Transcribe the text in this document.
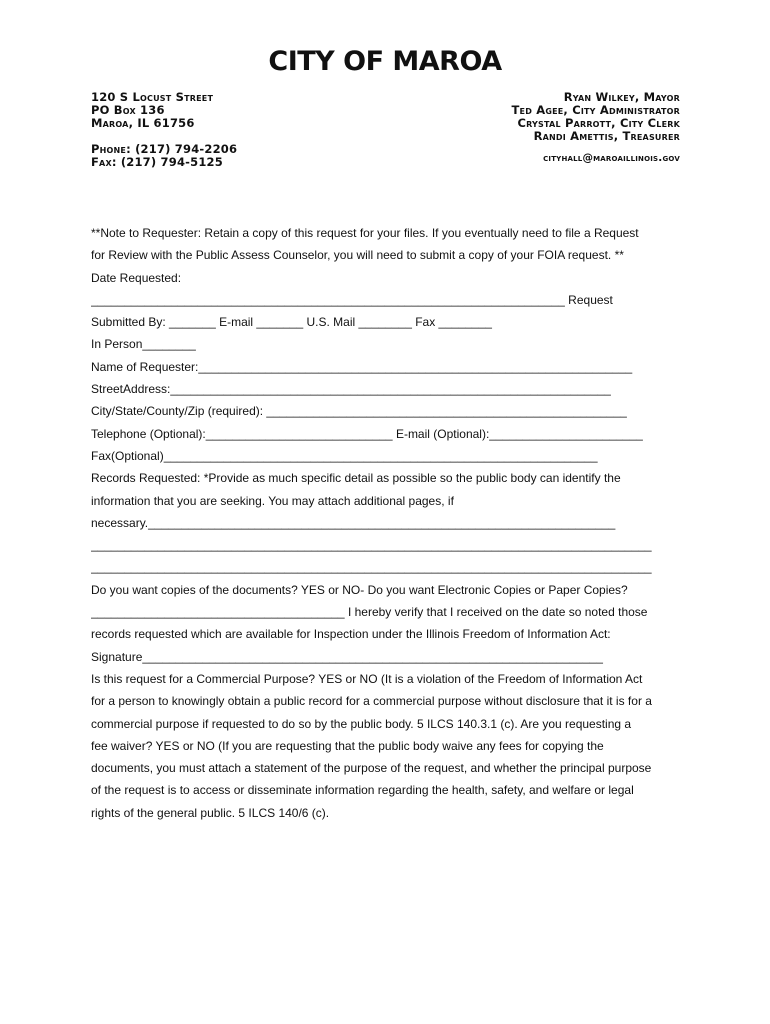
CITY OF MAROA
120 S Locust Street
PO Box 136
Maroa, IL 61756
Phone: (217) 794-2206
Fax: (217) 794-5125
Ryan Wilkey, Mayor
Ted Agee, City Administrator
Crystal Parrott, City Clerk
Randi Amettis, Treasurer
cityhall@maroaillinois.gov
**Note to Requester: Retain a copy of this request for your files. If you eventually need to file a Request
for Review with the Public Assess Counselor, you will need to submit a copy of your FOIA request. **
Date Requested:
_______________________________________________________________________ Request
Submitted By: _______ E-mail _______ U.S. Mail ________ Fax ________
In Person________
Name of Requester:_________________________________________________________________
StreetAddress:__________________________________________________________________
City/State/County/Zip (required): ______________________________________________________
Telephone (Optional):____________________________ E-mail (Optional):_______________________
Fax(Optional)_________________________________________________________________
Records Requested: *Provide as much specific detail as possible so the public body can identify the
information that you are seeking. You may attach additional pages, if
necessary.______________________________________________________________________
____________________________________________________________________________________
____________________________________________________________________________________
Do you want copies of the documents? YES or NO- Do you want Electronic Copies or Paper Copies?
______________________________________ I hereby verify that I received on the date so noted those
records requested which are available for Inspection under the Illinois Freedom of Information Act:
Signature_____________________________________________________________________
Is this request for a Commercial Purpose? YES or NO (It is a violation of the Freedom of Information Act
for a person to knowingly obtain a public record for a commercial purpose without disclosure that it is for a
commercial purpose if requested to do so by the public body. 5 ILCS 140.3.1 (c). Are you requesting a
fee waiver? YES or NO (If you are requesting that the public body waive any fees for copying the
documents, you must attach a statement of the purpose of the request, and whether the principal purpose
of the request is to access or disseminate information regarding the health, safety, and welfare or legal
rights of the general public. 5 ILCS 140/6 (c).
